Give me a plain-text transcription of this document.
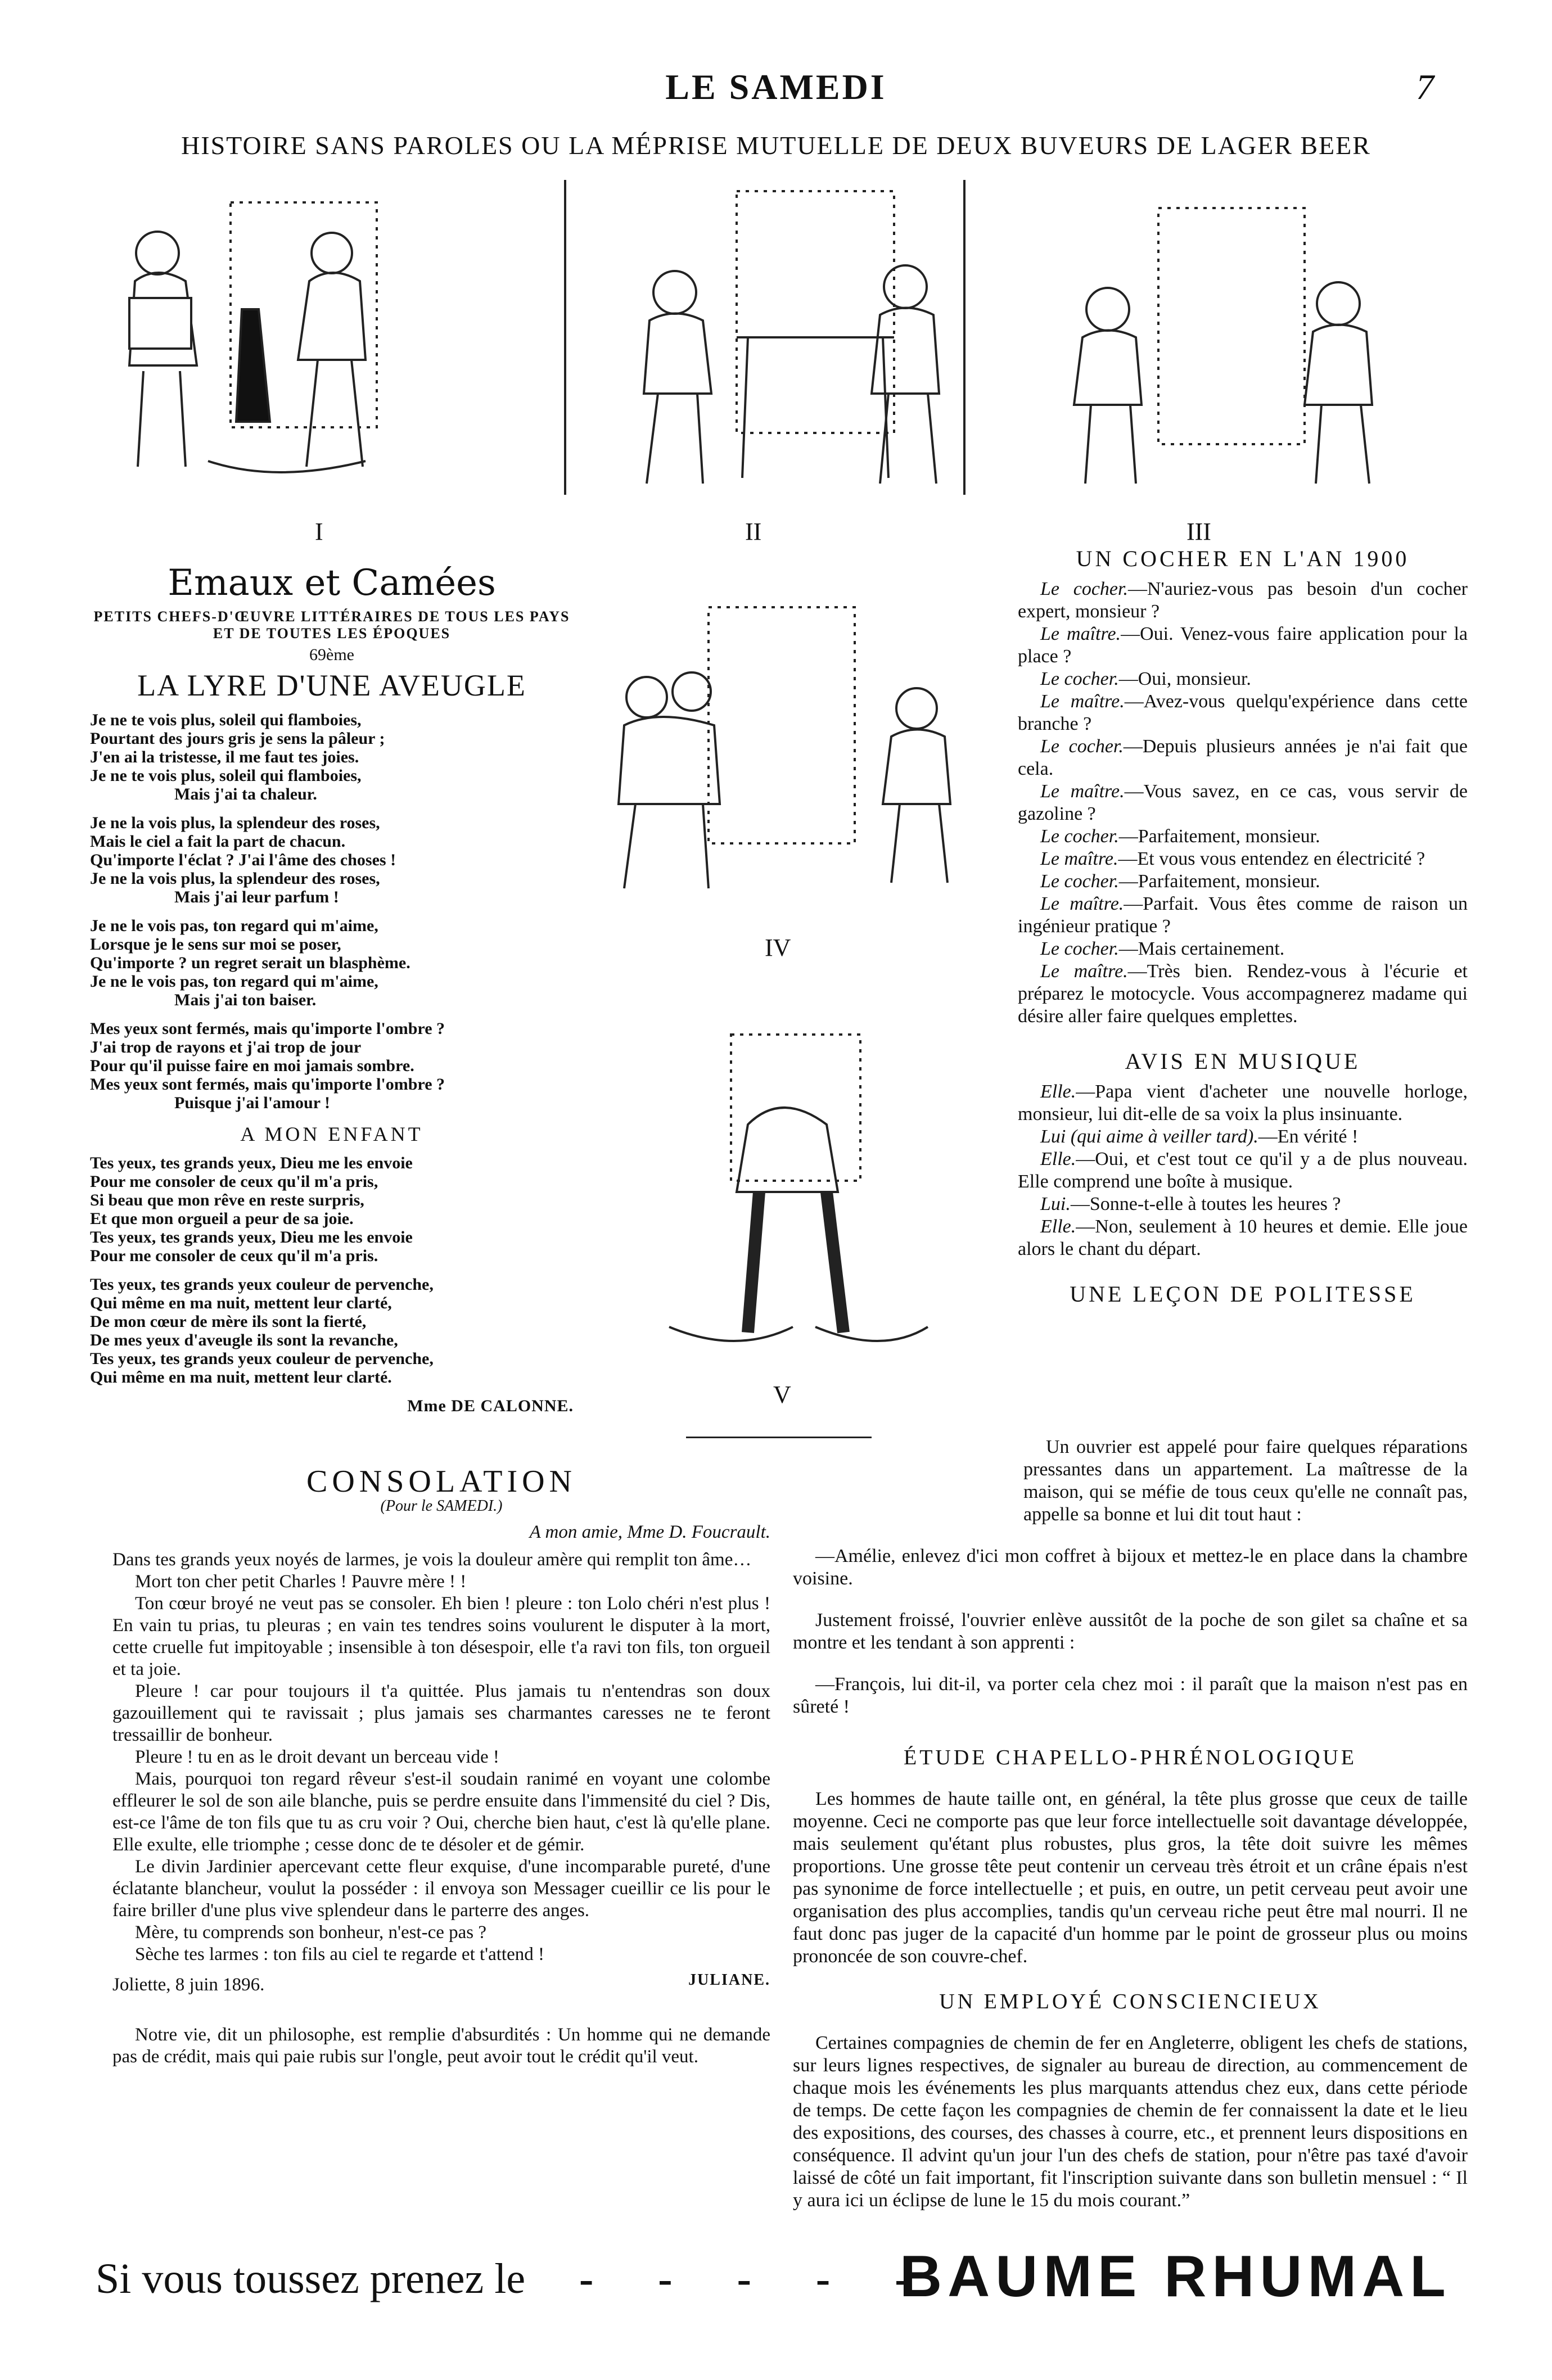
LE SAMEDI	7
HISTOIRE SANS PAROLES OU LA MÉPRISE MUTUELLE DE DEUX BUVEURS DE LAGER BEER
I	II	III
IV
V
Emaux et Camées
PETITS CHEFS-D'ŒUVRE LITTÉRAIRES DE TOUS LES PAYS ET DE TOUTES LES ÉPOQUES
69ème
LA LYRE D'UNE AVEUGLE

Je ne te vois plus, soleil qui flamboies,

Pourtant des jours gris je sens la pâleur ;

J'en ai la tristesse, il me faut tes joies.

Je ne te vois plus, soleil qui flamboies,

Mais j'ai ta chaleur.

Je ne la vois plus, la splendeur des roses,

Mais le ciel a fait la part de chacun.

Qu'importe l'éclat ? J'ai l'âme des choses !

Je ne la vois plus, la splendeur des roses,

Mais j'ai leur parfum !

Je ne le vois pas, ton regard qui m'aime,

Lorsque je le sens sur moi se poser,

Qu'importe ? un regret serait un blasphème.

Je ne le vois pas, ton regard qui m'aime,

Mais j'ai ton baiser.

Mes yeux sont fermés, mais qu'importe l'ombre ?

J'ai trop de rayons et j'ai trop de jour

Pour qu'il puisse faire en moi jamais sombre.

Mes yeux sont fermés, mais qu'importe l'ombre ?

Puisque j'ai l'amour !

A MON ENFANT

Tes yeux, tes grands yeux, Dieu me les envoie

Pour me consoler de ceux qu'il m'a pris,

Si beau que mon rêve en reste surpris,

Et que mon orgueil a peur de sa joie.

Tes yeux, tes grands yeux, Dieu me les envoie

Pour me consoler de ceux qu'il m'a pris.

Tes yeux, tes grands yeux couleur de pervenche,

Qui même en ma nuit, mettent leur clarté,

De mon cœur de mère ils sont la fierté,

De mes yeux d'aveugle ils sont la revanche,

Tes yeux, tes grands yeux couleur de pervenche,

Qui même en ma nuit, mettent leur clarté.

Mme DE CALONNE.
CONSOLATION
(Pour le SAMEDI.)
A mon amie, Mme D. Foucrault.

Dans tes grands yeux noyés de larmes, je vois la douleur amère qui remplit ton âme…

Mort ton cher petit Charles ! Pauvre mère ! !

Ton cœur broyé ne veut pas se consoler. Eh bien ! pleure : ton Lolo chéri n'est plus ! En vain tu prias, tu pleuras ; en vain tes tendres soins voulurent le disputer à la mort, cette cruelle fut impitoyable ; insensible à ton désespoir, elle t'a ravi ton fils, ton orgueil et ta joie.

Pleure ! car pour toujours il t'a quittée. Plus jamais tu n'entendras son doux gazouillement qui te ravissait ; plus jamais ses charmantes caresses ne te feront tressaillir de bonheur.

Pleure ! tu en as le droit devant un berceau vide !

Mais, pourquoi ton regard rêveur s'est-il soudain ranimé en voyant une colombe effleurer le sol de son aile blanche, puis se perdre ensuite dans l'immensité du ciel ? Dis, est-ce l'âme de ton fils que tu as cru voir ? Oui, cherche bien haut, c'est là qu'elle plane. Elle exulte, elle triomphe ; cesse donc de te désoler et de gémir.

Le divin Jardinier apercevant cette fleur exquise, d'une incomparable pureté, d'une éclatante blancheur, voulut la posséder : il envoya son Messager cueillir ce lis pour le faire briller d'une plus vive splendeur dans le parterre des anges.

Mère, tu comprends son bonheur, n'est-ce pas ?

Sèche tes larmes : ton fils au ciel te regarde et t'attend !

JULIANE.
Joliette, 8 juin 1896.

Notre vie, dit un philosophe, est remplie d'absurdités : Un homme qui ne demande pas de crédit, mais qui paie rubis sur l'ongle, peut avoir tout le crédit qu'il veut.

UN COCHER EN L'AN 1900

Le cocher.—N'auriez-vous pas besoin d'un cocher expert, monsieur ?

Le maître.—Oui. Venez-vous faire application pour la place ?

Le cocher.—Oui, monsieur.

Le maître.—Avez-vous quelqu'expérience dans cette branche ?

Le cocher.—Depuis plusieurs années je n'ai fait que cela.

Le maître.—Vous savez, en ce cas, vous servir de gazoline ?

Le cocher.—Parfaitement, monsieur.

Le maître.—Et vous vous entendez en électricité ?

Le cocher.—Parfaitement, monsieur.

Le maître.—Parfait. Vous êtes comme de raison un ingénieur pratique ?

Le cocher.—Mais certainement.

Le maître.—Très bien. Rendez-vous à l'écurie et préparez le motocycle. Vous accompagnerez madame qui désire aller faire quelques emplettes.

AVIS EN MUSIQUE

Elle.—Papa vient d'acheter une nouvelle horloge, monsieur, lui dit-elle de sa voix la plus insinuante.

Lui (qui aime à veiller tard).—En vérité !

Elle.—Oui, et c'est tout ce qu'il y a de plus nouveau. Elle comprend une boîte à musique.

Lui.—Sonne-t-elle à toutes les heures ?

Elle.—Non, seulement à 10 heures et demie. Elle joue alors le chant du départ.

UNE LEÇON DE POLITESSE

Un ouvrier est appelé pour faire quelques réparations pressantes dans un appartement. La maîtresse de la maison, qui se méfie de tous ceux qu'elle ne connaît pas, appelle sa bonne et lui dit tout haut :

—Amélie, enlevez d'ici mon coffret à bijoux et mettez-le en place dans la chambre voisine.

Justement froissé, l'ouvrier enlève aussitôt de la poche de son gilet sa chaîne et sa montre et les tendant à son apprenti :

—François, lui dit-il, va porter cela chez moi : il paraît que la maison n'est pas en sûreté !

ÉTUDE CHAPELLO-PHRÉNOLOGIQUE

Les hommes de haute taille ont, en général, la tête plus grosse que ceux de taille moyenne. Ceci ne comporte pas que leur force intellectuelle soit davantage développée, mais seulement qu'étant plus robustes, plus gros, la tête doit suivre les mêmes proportions. Une grosse tête peut contenir un cerveau très étroit et un crâne épais n'est pas synonime de force intellectuelle ; et puis, en outre, un petit cerveau peut avoir une organisation des plus accomplies, tandis qu'un cerveau riche peut être mal nourri. Il ne faut donc pas juger de la capacité d'un homme par le point de grosseur plus ou moins prononcée de son couvre-chef.

UN EMPLOYÉ CONSCIENCIEUX

Certaines compagnies de chemin de fer en Angleterre, obligent les chefs de stations, sur leurs lignes respectives, de signaler au bureau de direction, au commencement de chaque mois les événements les plus marquants attendus chez eux, dans cette période de temps. De cette façon les compagnies de chemin de fer connaissent la date et le lieu des expositions, des courses, des chasses à courre, etc., et prennent leurs dispositions en conséquence. Il advint qu'un jour l'un des chefs de station, pour n'être pas taxé d'avoir laissé de côté un fait important, fit l'inscription suivante dans son bulletin mensuel : “ Il y aura ici un éclipse de lune le 15 du mois courant.”

Si vous toussez prenez le - - - - -
BAUME RHUMAL
